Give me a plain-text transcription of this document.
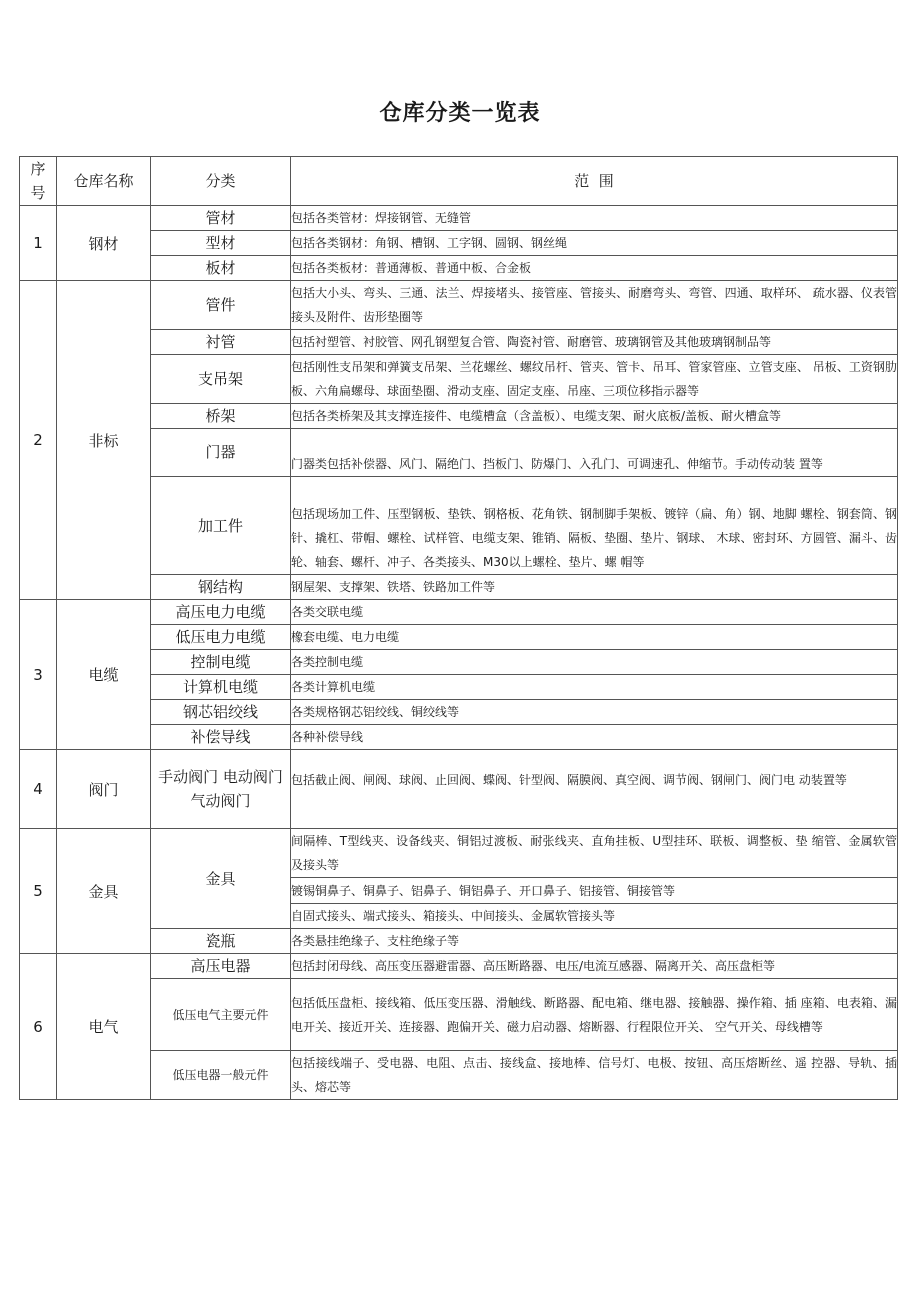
仓库分类一览表
序
号	仓库名称	分类	范  围
1	钢材	管材	包括各类管材：焊接钢管、无缝管
		型材	包括各类钢材：角钢、槽钢、工字钢、圆钢、钢丝绳
		板材	包括各类板材：普通薄板、普通中板、合金板
2	非标	管件	包括大小头、弯头、三通、法兰、焊接堵头、接管座、管接头、耐磨弯头、弯管、四通、取样环、 疏水器、仪表管接头及附件、齿形垫圈等
		衬管	包括衬塑管、衬胶管、网孔钢塑复合管、陶瓷衬管、耐磨管、玻璃钢管及其他玻璃钢制品等
		支吊架	包括刚性支吊架和弹簧支吊架、兰花螺丝、螺纹吊杆、管夹、管卡、吊耳、管家管座、立管支座、 吊板、工资钢肋板、六角扁螺母、球面垫圈、滑动支座、固定支座、吊座、三项位移指示器等
		桥架	包括各类桥架及其支撑连接件、电缆槽盒（含盖板）、电缆支架、耐火底板/盖板、耐火槽盒等
		门器	门器类包括补偿器、风门、隔绝门、挡板门、防爆门、入孔门、可调速孔、伸缩节。手动传动装 置等
		加工件	包括现场加工件、压型钢板、垫铁、钢格板、花角铁、钢制脚手架板、镀锌（扁、角）钢、地脚 螺栓、钢套筒、钢针、撬杠、带帽、螺栓、试样管、电缆支架、锥销、隔板、垫圈、垫片、钢球、 木球、密封环、方圆管、漏斗、齿轮、轴套、螺杆、冲子、各类接头、M30以上螺栓、垫片、螺 帽等
		钢结构	钢屋架、支撑架、铁塔、铁路加工件等
3	电缆	高压电力电缆	各类交联电缆
		低压电力电缆	橡套电缆、电力电缆
		控制电缆	各类控制电缆
		计算机电缆	各类计算机电缆
		钢芯铝绞线	各类规格钢芯铝绞线、铜绞线等
		补偿导线	各种补偿导线
4	阀门	手动阀门 电动阀门 气动阀门	包括截止阀、闸阀、球阀、止回阀、蝶阀、针型阀、隔膜阀、真空阀、调节阀、钢闸门、阀门电 动装置等
5	金具	金具	间隔棒、T型线夹、设备线夹、铜铝过渡板、耐张线夹、直角挂板、U型挂环、联板、调整板、垫 缩管、金属软管及接头等
			镀锡铜鼻子、铜鼻子、铝鼻子、铜铝鼻子、开口鼻子、铝接管、铜接管等
			自固式接头、端式接头、箱接头、中间接头、金属软管接头等
		瓷瓶	各类悬挂绝缘子、支柱绝缘子等
6	电气	高压电器	包括封闭母线、高压变压器避雷器、高压断路器、电压/电流互感器、隔离开关、高压盘柜等
		低压电气主要元件	包括低压盘柜、接线箱、低压变压器、滑触线、断路器、配电箱、继电器、接触器、操作箱、插 座箱、电表箱、漏电开关、接近开关、连接器、跑偏开关、磁力启动器、熔断器、行程限位开关、 空气开关、母线槽等
		低压电器一般元件	包括接线端子、受电器、电阻、点击、接线盒、接地棒、信号灯、电极、按钮、高压熔断丝、遥 控器、导轨、插头、熔芯等
